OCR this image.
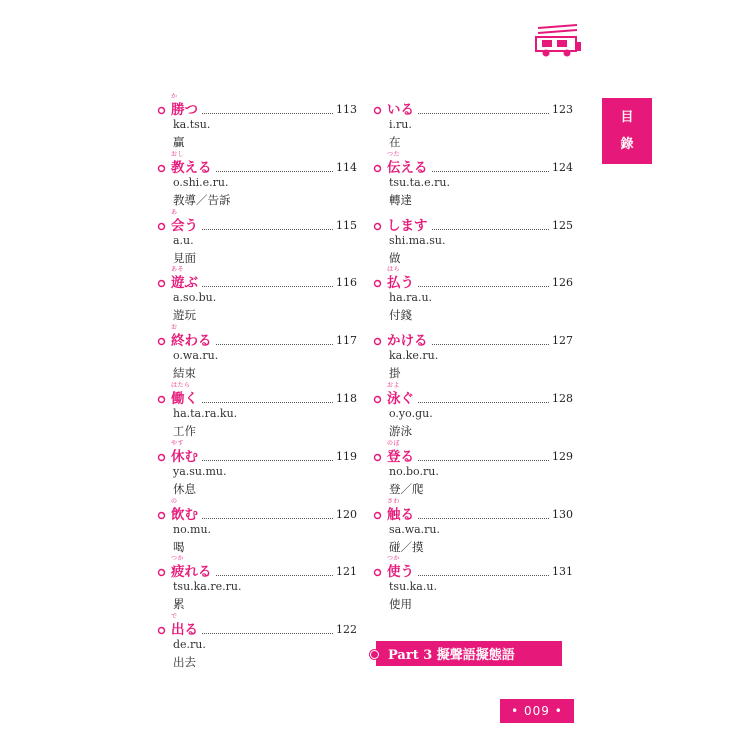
目
錄
か
勝つ	113
ka.tsu.
贏
おし
教える	114
o.shi.e.ru.
教導／告訴
あ
会う	115
a.u.
見面
あそ
遊ぶ	116
a.so.bu.
遊玩
お
終わる	117
o.wa.ru.
結束
はたら
働く	118
ha.ta.ra.ku.
工作
やす
休む	119
ya.su.mu.
休息
の
飲む	120
no.mu.
喝
つか
疲れる	121
tsu.ka.re.ru.
累
で
出る	122
de.ru.
出去
いる	123
i.ru.
在
つた
伝える	124
tsu.ta.e.ru.
轉達
します	125
shi.ma.su.
做
はら
払う	126
ha.ra.u.
付錢
かける	127
ka.ke.ru.
掛
およ
泳ぐ	128
o.yo.gu.
游泳
のぼ
登る	129
no.bo.ru.
登／爬
さわ
触る	130
sa.wa.ru.
碰／摸
つか
使う	131
tsu.ka.u.
使用
Part 3 擬聲語擬態語
• 009 •
